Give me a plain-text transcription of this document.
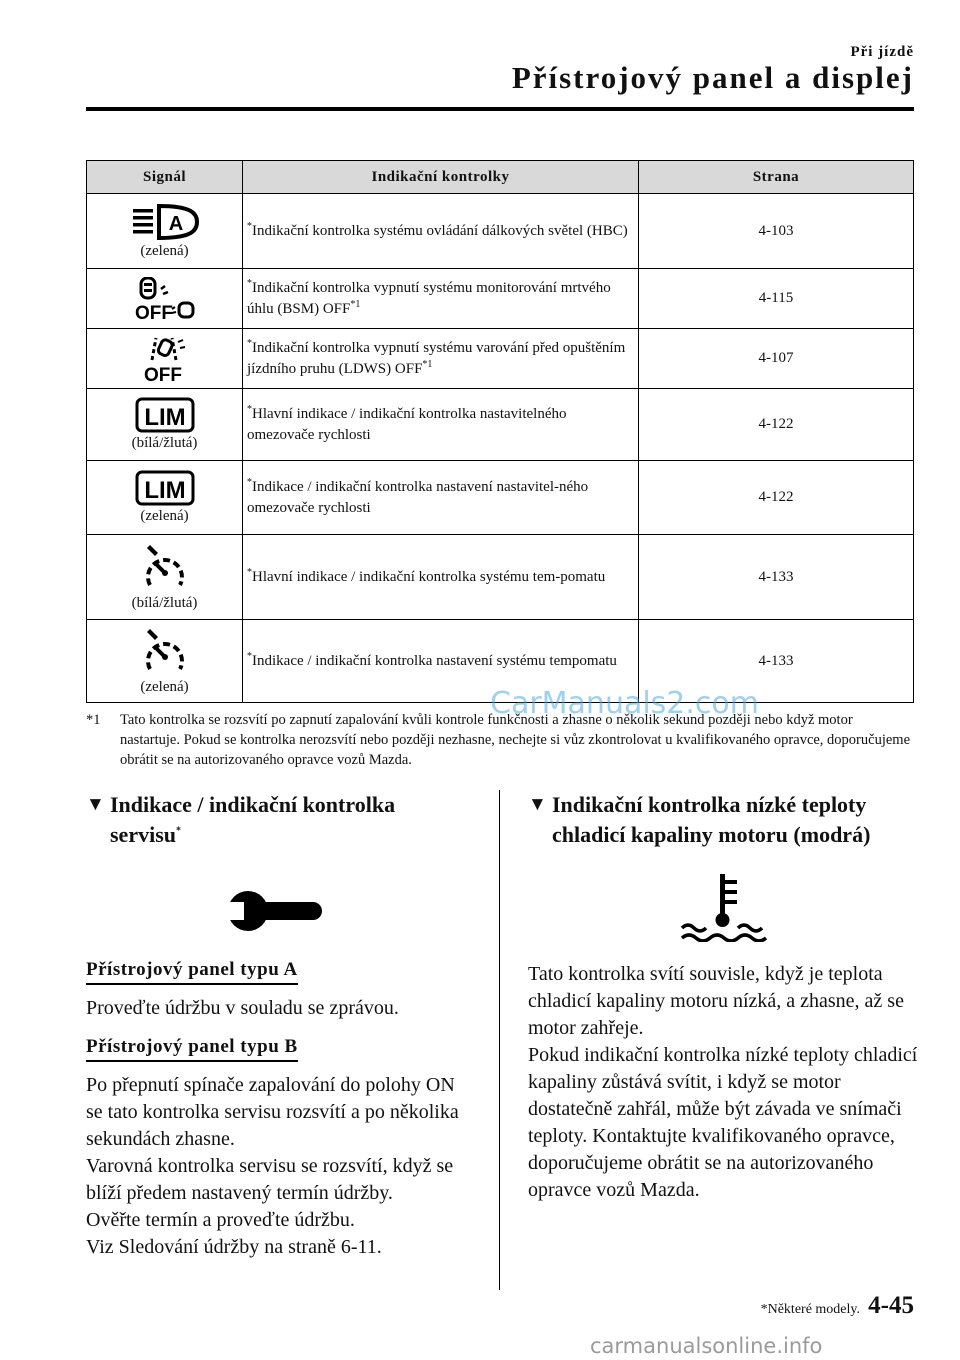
Při jízdě
Přístrojový panel a displej
Signál	Indikační kontrolky	Strana

A
(zelená)	*Indikační kontrolka systému ovládání dálkových světel (HBC)	4-103

OFF	*Indikační kontrolka vypnutí systému monitorování mrtvého úhlu (BSM) OFF$^{*1}$	4-115

OFF	*Indikační kontrolka vypnutí systému varování před opuštěním jízdního pruhu (LDWS) OFF$^{*1}$	4-107

LIM
(bílá/žlutá)	*Hlavní indikace / indikační kontrolka nastavitelného omezovače rychlosti	4-122

LIM
(zelená)	*Indikace / indikační kontrolka nastavení nastavitel-ného omezovače rychlosti	4-122

(bílá/žlutá)	*Hlavní indikace / indikační kontrolka systému tem-pomatu	4-133

(zelená)	*Indikace / indikační kontrolka nastavení systému tempomatu	4-133
*1 Tato kontrolka se rozsvítí po zapnutí zapalování kvůli kontrole funkčnosti a zhasne o několik sekund později nebo když motor nastartuje. Pokud se kontrolka nerozsvítí nebo později nezhasne, nechejte si vůz zkontrolovat u kvalifikovaného opravce, doporučujeme obrátit se na autorizovaného opravce vozů Mazda.
CarManuals2.com
▼ Indikace / indikační kontrolka
servisu*
Přístrojový panel typu A

Proveďte údržbu v souladu se zprávou.

Přístrojový panel typu B

Po přepnutí spínače zapalování do polohy ON se tato kontrolka servisu rozsvítí a po několika sekundách zhasne.

Varovná kontrolka servisu se rozsvítí, když se blíží předem nastavený termín údržby.

Ověřte termín a proveďte údržbu.

Viz Sledování údržby na straně 6-11.

▼ Indikační kontrolka nízké teploty
chladicí kapaliny motoru (modrá)

Tato kontrolka svítí souvisle, když je teplota chladicí kapaliny motoru nízká, a zhasne, až se motor zahřeje.

Pokud indikační kontrolka nízké teploty chladicí kapaliny zůstává svítit, i když se motor dostatečně zahřál, může být závada ve snímači teploty. Kontaktujte kvalifikovaného opravce, doporučujeme obrátit se na autorizovaného opravce vozů Mazda.

*Některé modely. 4-45
carmanualsonline.info
